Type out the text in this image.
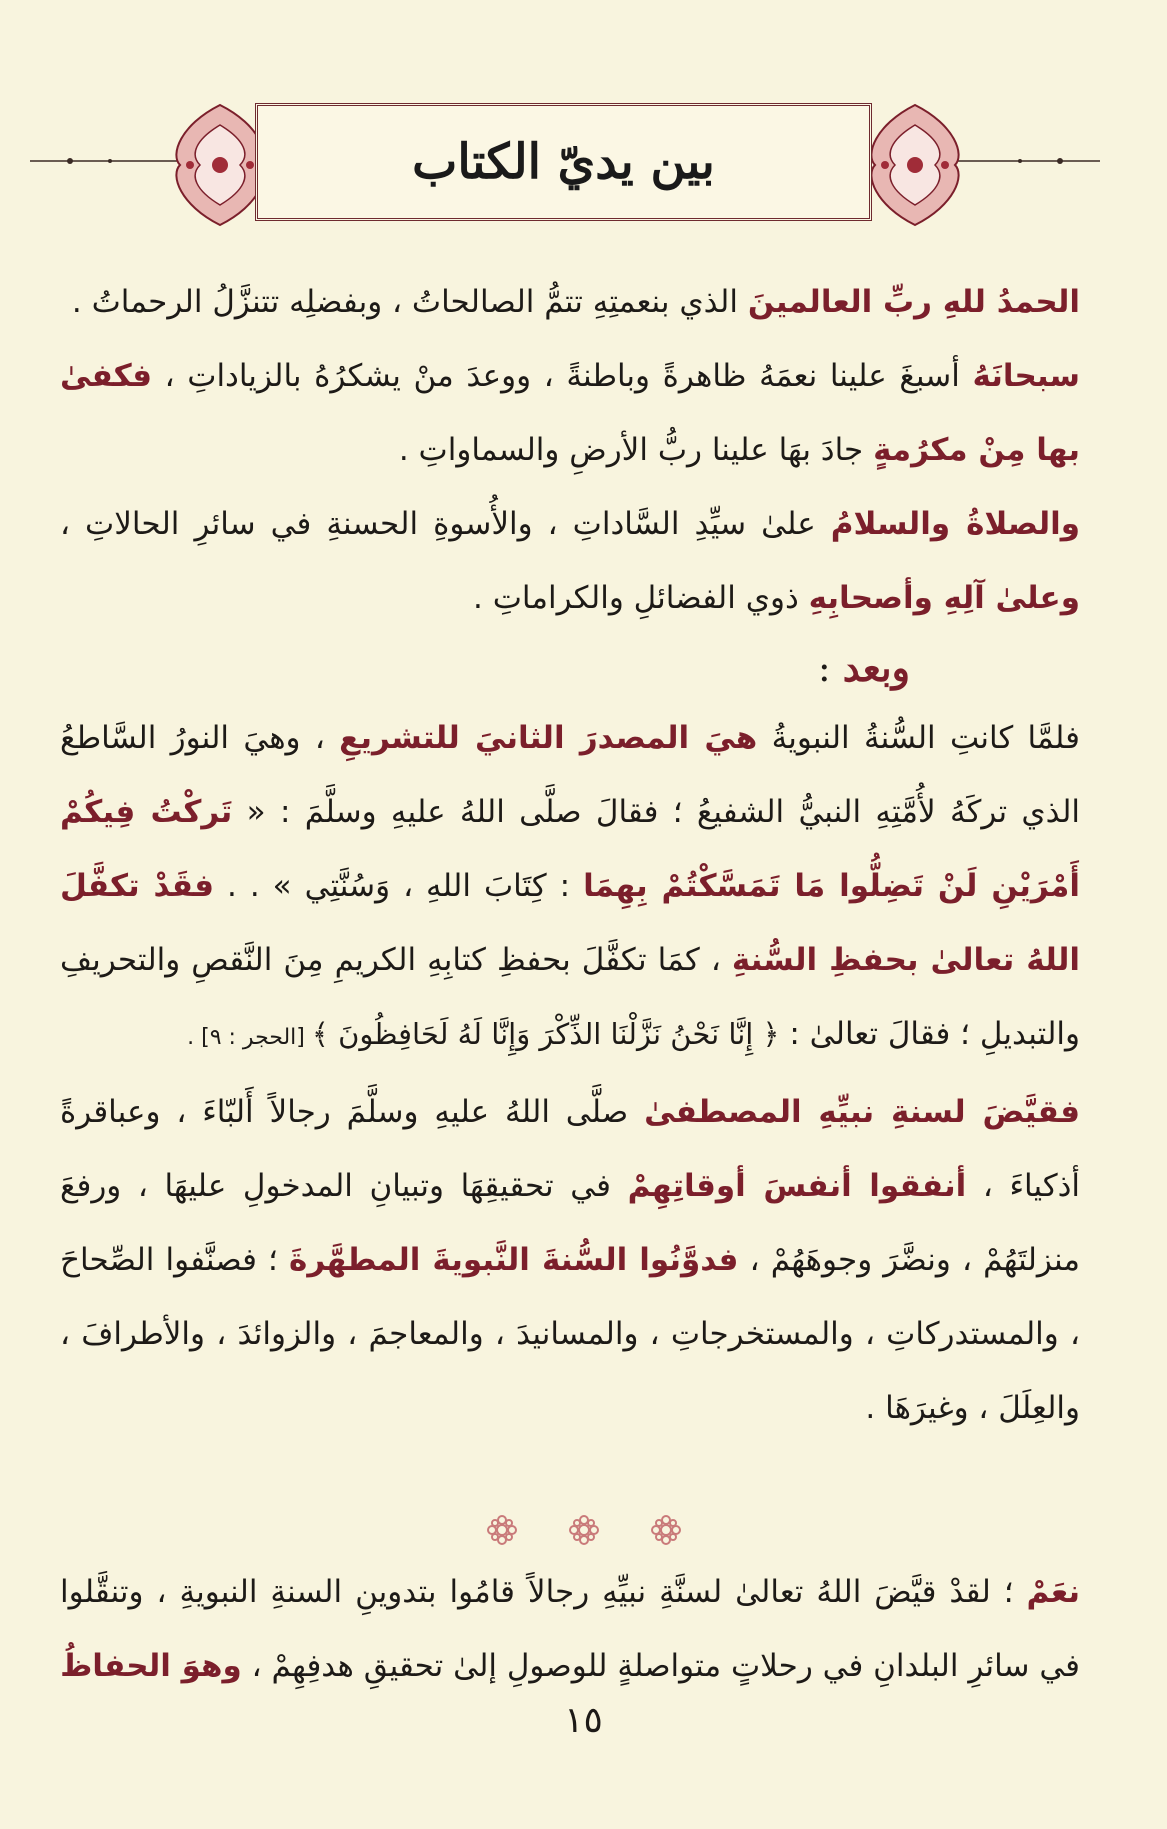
بين يديّ الكتاب

الحمدُ للهِ ربِّ العالمينَ الذي بنعمتِهِ تتمُّ الصالحاتُ ، وبفضلِه تتنزَّلُ الرحماتُ .

سبحانَهُ أسبغَ علينا نعمَهُ ظاهرةً وباطنةً ، ووعدَ منْ يشكرُهُ بالزياداتِ ، فكفىٰ بها مِنْ مكرُمةٍ جادَ بهَا علينا ربُّ الأرضِ والسماواتِ .

والصلاةُ والسلامُ علىٰ سيِّدِ السَّاداتِ ، والأُسوةِ الحسنةِ في سائرِ الحالاتِ ، وعلىٰ آلِهِ وأصحابِهِ ذوي الفضائلِ والكراماتِ .

وبعد :

فلمَّا كانتِ السُّنةُ النبويةُ هيَ المصدرَ الثانيَ للتشريعِ ، وهيَ النورُ السَّاطعُ الذي تركَهُ لأُمَّتِهِ النبيُّ الشفيعُ ؛ فقالَ صلَّى اللهُ عليهِ وسلَّمَ : « تَركْتُ فِيكُمْ أَمْرَيْنِ لَنْ تَضِلُّوا مَا تَمَسَّكْتُمْ بِهِمَا : كِتَابَ اللهِ ، وَسُنَّتِي » . . فقَدْ تكفَّلَ اللهُ تعالىٰ بحفظِ السُّنةِ ، كمَا تكفَّلَ بحفظِ كتابِهِ الكريمِ مِنَ النَّقصِ والتحريفِ والتبديلِ ؛ فقالَ تعالىٰ : ﴿ إِنَّا نَحْنُ نَزَّلْنَا الذِّكْرَ وَإِنَّا لَهُ لَحَافِظُونَ ﴾ [الحجر : ٩] .

فقيَّضَ لسنةِ نبيِّهِ المصطفىٰ صلَّى اللهُ عليهِ وسلَّمَ رجالاً أَلبّاءَ ، وعباقرةً أذكياءَ ، أنفقوا أنفسَ أوقاتِهِمْ في تحقيقِهَا وتبيانِ المدخولِ عليهَا ، ورفعَ منزلتَهُمْ ، ونضَّرَ وجوهَهُمْ ، فدوَّنُوا السُّنةَ النَّبويةَ المطهَّرةَ ؛ فصنَّفوا الصِّحاحَ ، والمستدركاتِ ، والمستخرجاتِ ، والمسانيدَ ، والمعاجمَ ، والزوائدَ ، والأطرافَ ، والعِلَلَ ، وغيرَهَا .

نعَمْ ؛ لقدْ قيَّضَ اللهُ تعالىٰ لسنَّةِ نبيِّهِ رجالاً قامُوا بتدوينِ السنةِ النبويةِ ، وتنقَّلوا في سائرِ البلدانِ في رحلاتٍ متواصلةٍ للوصولِ إلىٰ تحقيقِ هدفِهِمْ ، وهوَ الحفاظُ

١٥
